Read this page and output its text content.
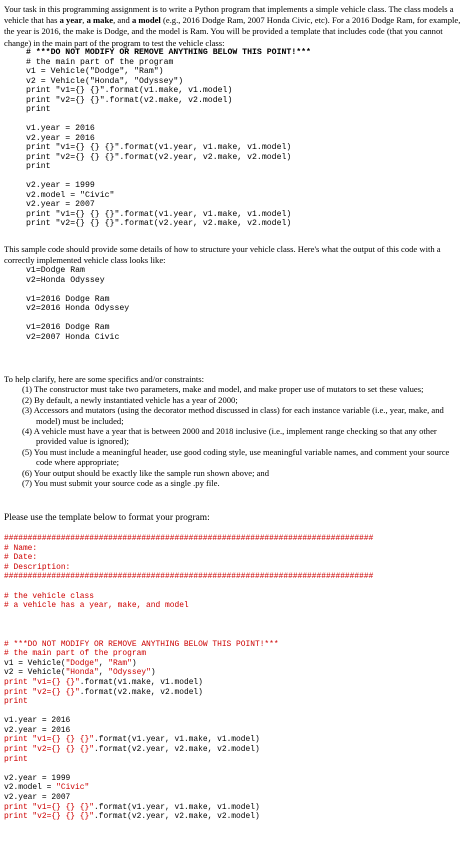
Your task in this programming assignment is to write a Python program that implements a simple vehicle class. The class models a vehicle that has a year, a make, and a model (e.g., 2016 Dodge Ram, 2007 Honda Civic, etc). For a 2016 Dodge Ram, for example, the year is 2016, the make is Dodge, and the model is Ram. You will be provided a template that includes code (that you cannot change) in the main part of the program to test the vehicle class:
# ***DO NOT MODIFY OR REMOVE ANYTHING BELOW THIS POINT!***
# the main part of the program
v1 = Vehicle("Dodge", "Ram")
v2 = Vehicle("Honda", "Odyssey")
print "v1={} {}".format(v1.make, v1.model)
print "v2={} {}".format(v2.make, v2.model)
print

v1.year = 2016
v2.year = 2016
print "v1={} {} {}".format(v1.year, v1.make, v1.model)
print "v2={} {} {}".format(v2.year, v2.make, v2.model)
print

v2.year = 1999
v2.model = "Civic"
v2.year = 2007
print "v1={} {} {}".format(v1.year, v1.make, v1.model)
print "v2={} {} {}".format(v2.year, v2.make, v2.model)
This sample code should provide some details of how to structure your vehicle class. Here's what the output of this code with a correctly implemented vehicle class looks like:
v1=Dodge Ram
v2=Honda Odyssey

v1=2016 Dodge Ram
v2=2016 Honda Odyssey

v1=2016 Dodge Ram
v2=2007 Honda Civic
To help clarify, here are some specifics and/or constraints:
(1) The constructor must take two parameters, make and model, and make proper use of mutators to set these values;
(2) By default, a newly instantiated vehicle has a year of 2000;
(3) Accessors and mutators (using the decorator method discussed in class) for each instance variable (i.e., year, make, and model) must be included;
(4) A vehicle must have a year that is between 2000 and 2018 inclusive (i.e., implement range checking so that any other provided value is ignored);
(5) You must include a meaningful header, use good coding style, use meaningful variable names, and comment your source code where appropriate;
(6) Your output should be exactly like the sample run shown above; and
(7) You must submit your source code as a single .py file.
Please use the template below to format your program:
##############################################################################
# Name:
# Date:
# Description:
##############################################################################

# the vehicle class
# a vehicle has a year, make, and model

# ***DO NOT MODIFY OR REMOVE ANYTHING BELOW THIS POINT!***
# the main part of the program
v1 = Vehicle("Dodge", "Ram")
v2 = Vehicle("Honda", "Odyssey")
print "v1={} {}".format(v1.make, v1.model)
print "v2={} {}".format(v2.make, v2.model)
print

v1.year = 2016
v2.year = 2016
print "v1={} {} {}".format(v1.year, v1.make, v1.model)
print "v2={} {} {}".format(v2.year, v2.make, v2.model)
print

v2.year = 1999
v2.model = "Civic"
v2.year = 2007
print "v1={} {} {}".format(v1.year, v1.make, v1.model)
print "v2={} {} {}".format(v2.year, v2.make, v2.model)
